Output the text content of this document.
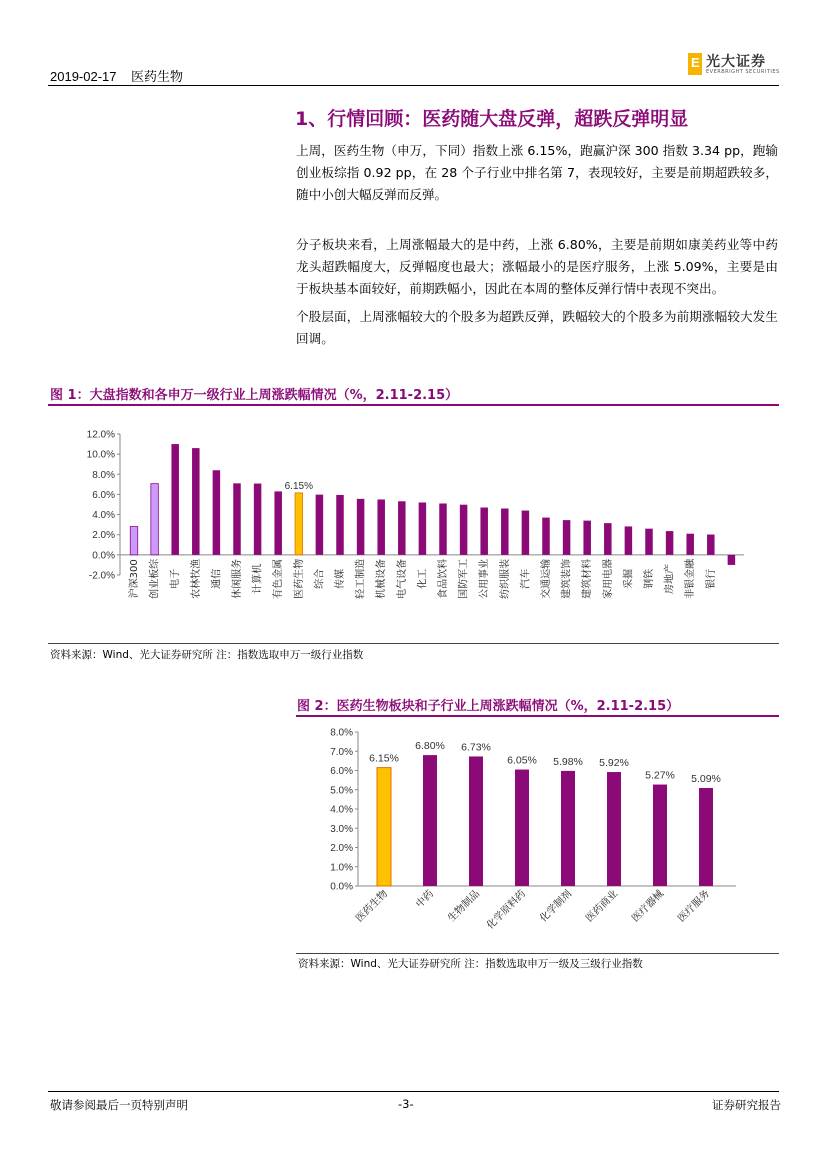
2019-02-17    医药生物
E 光大证券
EVERBRIGHT SECURITIES
1、行情回顾：医药随大盘反弹，超跌反弹明显
上周，医药生物（申万，下同）指数上涨 6.15%，跑赢沪深 300 指数 3.34 pp，跑输创业板综指 0.92 pp，在 28 个子行业中排名第 7，表现较好，主要是前期超跌较多，随中小创大幅反弹而反弹。
分子板块来看，上周涨幅最大的是中药，上涨 6.80%，主要是前期如康美药业等中药龙头超跌幅度大，反弹幅度也最大；涨幅最小的是医疗服务，上涨 5.09%，主要是由于板块基本面较好，前期跌幅小，因此在本周的整体反弹行情中表现不突出。
个股层面，上周涨幅较大的个股多为超跌反弹，跌幅较大的个股多为前期涨幅较大发生回调。
图 1：大盘指数和各申万一级行业上周涨跌幅情况（%，2.11-2.15）
12.0%
10.0%
8.0%
6.0%
4.0%
2.0%
0.0%
-2.0% 沪深300 创业板综 电子 农林牧渔 通信 休闲服务 计算机 有色金属
6.15%
医药生物 综合 传媒 轻工制造 机械设备 电气设备 化工 食品饮料 国防军工 公用事业 纺织服装 汽车 交通运输 建筑装饰 建筑材料 家用电器 采掘 钢铁 房地产 非银金融 银行
资料来源：Wind、光大证券研究所 注：指数选取申万一级行业指数
图 2：医药生物板块和子行业上周涨跌幅情况（%，2.11-2.15）
8.0%
7.0%
6.0%
5.0%
4.0%
3.0%
2.0%
1.0%
0.0%
6.15%
医药生物
6.80%
中药
6.73%
生物制品
6.05%
化学原料药
5.98%
化学制剂
5.92%
医药商业
5.27%
医疗器械
5.09%
医疗服务
资料来源：Wind、光大证券研究所 注：指数选取申万一级及三级行业指数
敬请参阅最后一页特别声明	-3-	证券研究报告
